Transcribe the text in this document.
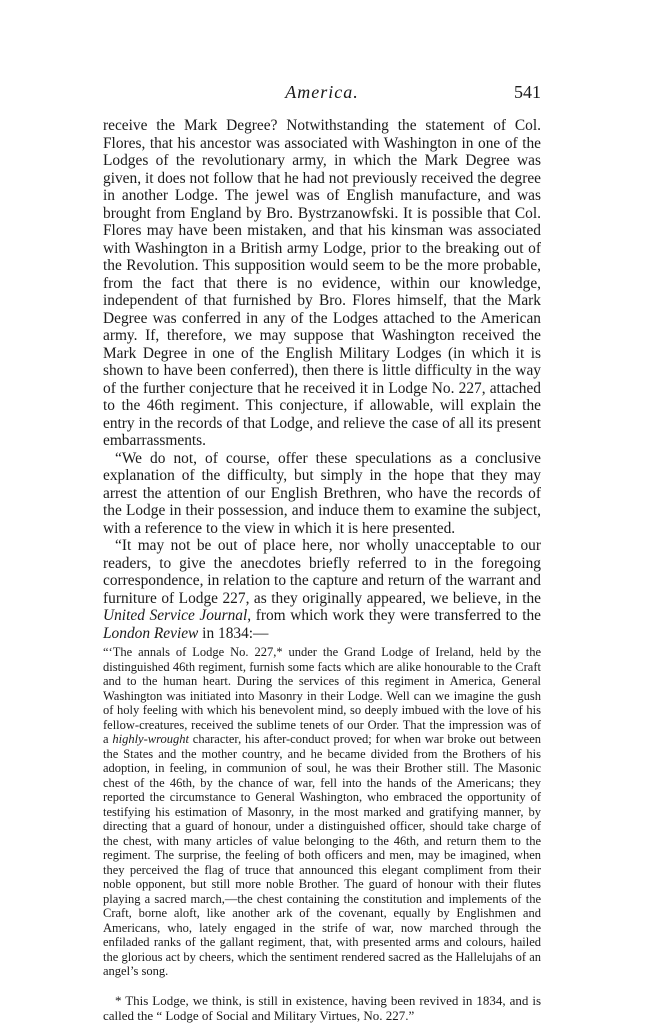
America.	541

receive the Mark Degree? Notwithstanding the statement of Col. Flores, that his ancestor was associated with Washington in one of the Lodges of the revolutionary army, in which the Mark Degree was given, it does not follow that he had not previously received the degree in another Lodge. The jewel was of English manufacture, and was brought from England by Bro. Bystrzanowfski. It is possible that Col. Flores may have been mistaken, and that his kinsman was associated with Washington in a British army Lodge, prior to the breaking out of the Revolution. This supposition would seem to be the more probable, from the fact that there is no evidence, within our knowledge, independent of that furnished by Bro. Flores himself, that the Mark Degree was conferred in any of the Lodges attached to the American army. If, therefore, we may suppose that Washington received the Mark Degree in one of the English Military Lodges (in which it is shown to have been conferred), then there is little difficulty in the way of the further conjecture that he received it in Lodge No. 227, attached to the 46th regiment. This conjecture, if allowable, will explain the entry in the records of that Lodge, and relieve the case of all its present embarrassments.

“We do not, of course, offer these speculations as a conclusive explanation of the difficulty, but simply in the hope that they may arrest the attention of our English Brethren, who have the records of the Lodge in their possession, and induce them to examine the subject, with a reference to the view in which it is here presented.

“It may not be out of place here, nor wholly unacceptable to our readers, to give the anecdotes briefly referred to in the foregoing correspondence, in relation to the capture and return of the warrant and furniture of Lodge 227, as they originally appeared, we believe, in the United Service Journal, from which work they were transferred to the London Review in 1834:—

“‘The annals of Lodge No. 227,* under the Grand Lodge of Ireland, held by the distinguished 46th regiment, furnish some facts which are alike honourable to the Craft and to the human heart. During the services of this regiment in America, General Washington was initiated into Masonry in their Lodge. Well can we imagine the gush of holy feeling with which his benevolent mind, so deeply imbued with the love of his fellow-creatures, received the sublime tenets of our Order. That the impression was of a highly-wrought character, his after-conduct proved; for when war broke out between the States and the mother country, and he became divided from the Brothers of his adoption, in feeling, in communion of soul, he was their Brother still. The Masonic chest of the 46th, by the chance of war, fell into the hands of the Americans; they reported the circumstance to General Washington, who embraced the opportunity of testifying his estimation of Masonry, in the most marked and gratifying manner, by directing that a guard of honour, under a distinguished officer, should take charge of the chest, with many articles of value belonging to the 46th, and return them to the regiment. The surprise, the feeling of both officers and men, may be imagined, when they perceived the flag of truce that announced this elegant compliment from their noble opponent, but still more noble Brother. The guard of honour with their flutes playing a sacred march,—the chest containing the constitution and implements of the Craft, borne aloft, like another ark of the covenant, equally by Englishmen and Americans, who, lately engaged in the strife of war, now marched through the enfiladed ranks of the gallant regiment, that, with presented arms and colours, hailed the glorious act by cheers, which the sentiment rendered sacred as the Hallelujahs of an angel’s song.

* This Lodge, we think, is still in existence, having been revived in 1834, and is called the “ Lodge of Social and Military Virtues, No. 227.”
